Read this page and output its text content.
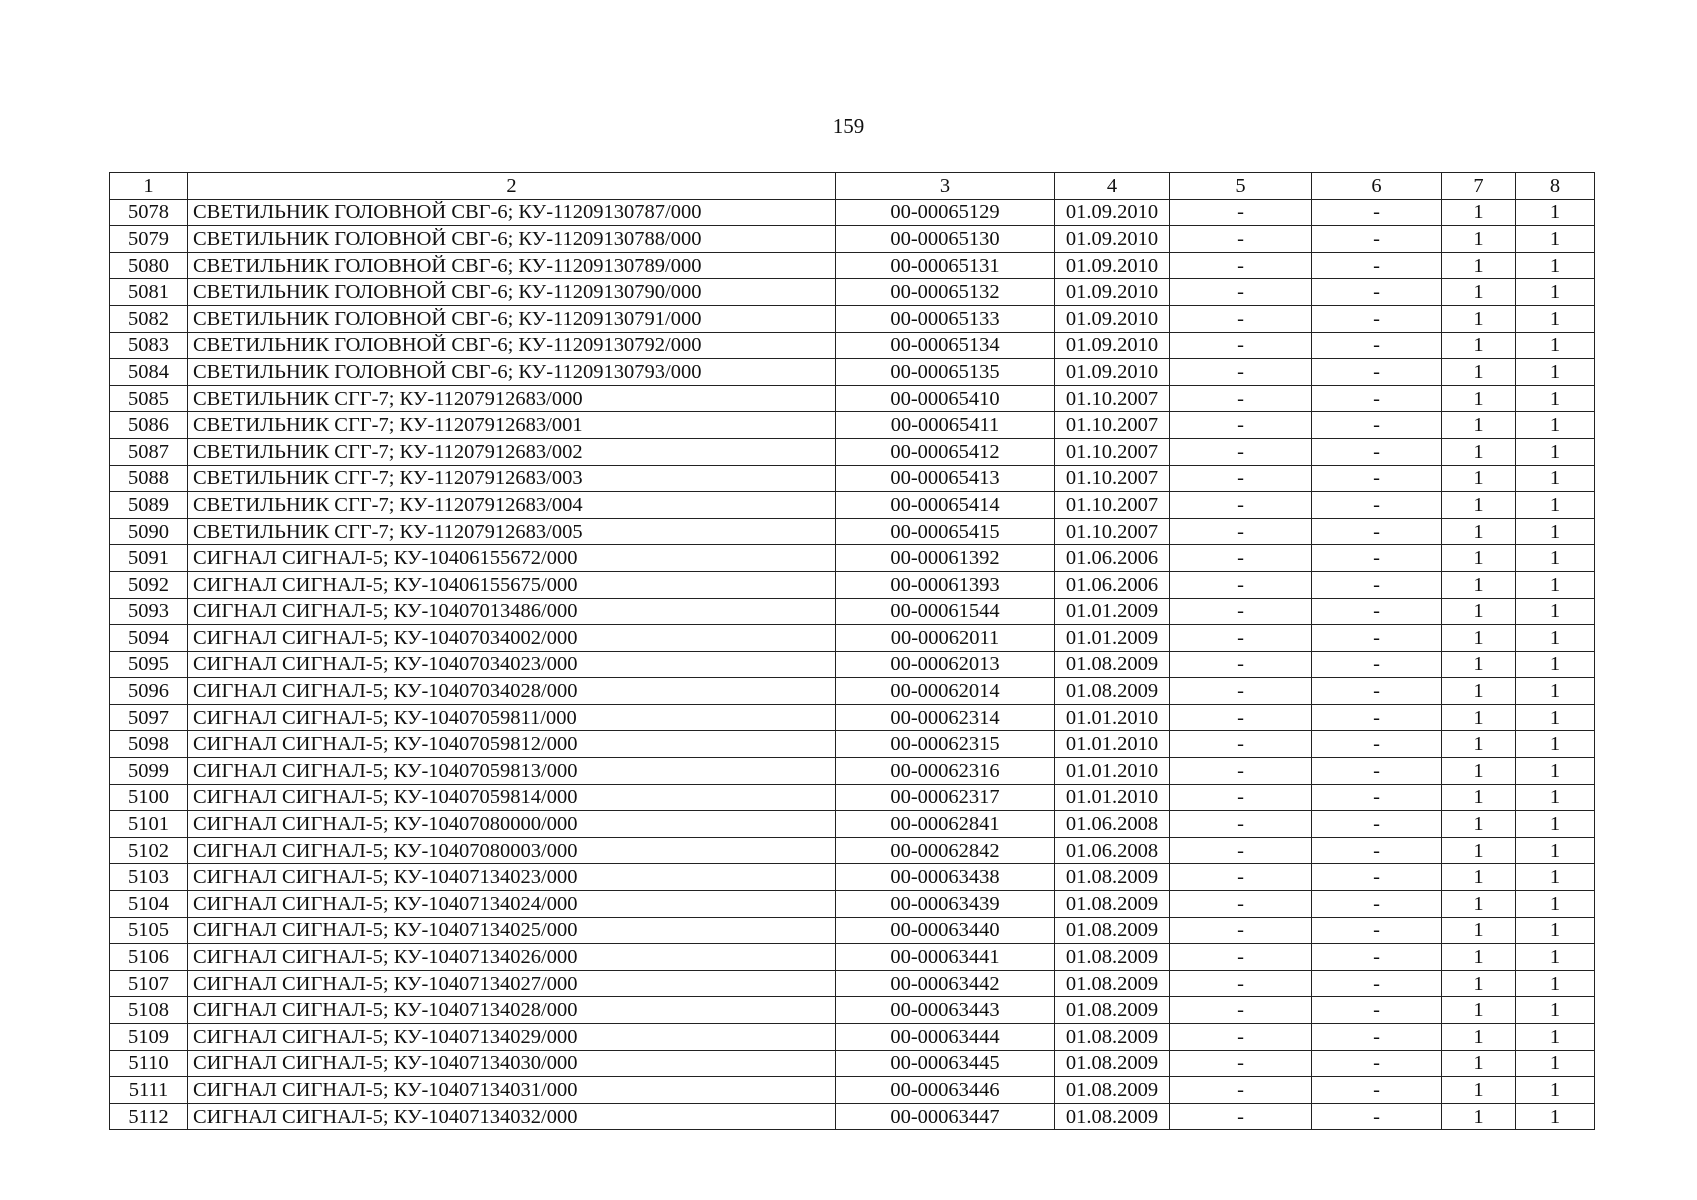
159
1	2	3	4	5	6	7	8
5078	СВЕТИЛЬНИК ГОЛОВНОЙ СВГ-6; КУ-11209130787/000	00-00065129	01.09.2010	-	-	1	1
5079	СВЕТИЛЬНИК ГОЛОВНОЙ СВГ-6; КУ-11209130788/000	00-00065130	01.09.2010	-	-	1	1
5080	СВЕТИЛЬНИК ГОЛОВНОЙ СВГ-6; КУ-11209130789/000	00-00065131	01.09.2010	-	-	1	1
5081	СВЕТИЛЬНИК ГОЛОВНОЙ СВГ-6; КУ-11209130790/000	00-00065132	01.09.2010	-	-	1	1
5082	СВЕТИЛЬНИК ГОЛОВНОЙ СВГ-6; КУ-11209130791/000	00-00065133	01.09.2010	-	-	1	1
5083	СВЕТИЛЬНИК ГОЛОВНОЙ СВГ-6; КУ-11209130792/000	00-00065134	01.09.2010	-	-	1	1
5084	СВЕТИЛЬНИК ГОЛОВНОЙ СВГ-6; КУ-11209130793/000	00-00065135	01.09.2010	-	-	1	1
5085	СВЕТИЛЬНИК СГГ-7; КУ-11207912683/000	00-00065410	01.10.2007	-	-	1	1
5086	СВЕТИЛЬНИК СГГ-7; КУ-11207912683/001	00-00065411	01.10.2007	-	-	1	1
5087	СВЕТИЛЬНИК СГГ-7; КУ-11207912683/002	00-00065412	01.10.2007	-	-	1	1
5088	СВЕТИЛЬНИК СГГ-7; КУ-11207912683/003	00-00065413	01.10.2007	-	-	1	1
5089	СВЕТИЛЬНИК СГГ-7; КУ-11207912683/004	00-00065414	01.10.2007	-	-	1	1
5090	СВЕТИЛЬНИК СГГ-7; КУ-11207912683/005	00-00065415	01.10.2007	-	-	1	1
5091	СИГНАЛ СИГНАЛ-5; КУ-10406155672/000	00-00061392	01.06.2006	-	-	1	1
5092	СИГНАЛ СИГНАЛ-5; КУ-10406155675/000	00-00061393	01.06.2006	-	-	1	1
5093	СИГНАЛ СИГНАЛ-5; КУ-10407013486/000	00-00061544	01.01.2009	-	-	1	1
5094	СИГНАЛ СИГНАЛ-5; КУ-10407034002/000	00-00062011	01.01.2009	-	-	1	1
5095	СИГНАЛ СИГНАЛ-5; КУ-10407034023/000	00-00062013	01.08.2009	-	-	1	1
5096	СИГНАЛ СИГНАЛ-5; КУ-10407034028/000	00-00062014	01.08.2009	-	-	1	1
5097	СИГНАЛ СИГНАЛ-5; КУ-10407059811/000	00-00062314	01.01.2010	-	-	1	1
5098	СИГНАЛ СИГНАЛ-5; КУ-10407059812/000	00-00062315	01.01.2010	-	-	1	1
5099	СИГНАЛ СИГНАЛ-5; КУ-10407059813/000	00-00062316	01.01.2010	-	-	1	1
5100	СИГНАЛ СИГНАЛ-5; КУ-10407059814/000	00-00062317	01.01.2010	-	-	1	1
5101	СИГНАЛ СИГНАЛ-5; КУ-10407080000/000	00-00062841	01.06.2008	-	-	1	1
5102	СИГНАЛ СИГНАЛ-5; КУ-10407080003/000	00-00062842	01.06.2008	-	-	1	1
5103	СИГНАЛ СИГНАЛ-5; КУ-10407134023/000	00-00063438	01.08.2009	-	-	1	1
5104	СИГНАЛ СИГНАЛ-5; КУ-10407134024/000	00-00063439	01.08.2009	-	-	1	1
5105	СИГНАЛ СИГНАЛ-5; КУ-10407134025/000	00-00063440	01.08.2009	-	-	1	1
5106	СИГНАЛ СИГНАЛ-5; КУ-10407134026/000	00-00063441	01.08.2009	-	-	1	1
5107	СИГНАЛ СИГНАЛ-5; КУ-10407134027/000	00-00063442	01.08.2009	-	-	1	1
5108	СИГНАЛ СИГНАЛ-5; КУ-10407134028/000	00-00063443	01.08.2009	-	-	1	1
5109	СИГНАЛ СИГНАЛ-5; КУ-10407134029/000	00-00063444	01.08.2009	-	-	1	1
5110	СИГНАЛ СИГНАЛ-5; КУ-10407134030/000	00-00063445	01.08.2009	-	-	1	1
5111	СИГНАЛ СИГНАЛ-5; КУ-10407134031/000	00-00063446	01.08.2009	-	-	1	1
5112	СИГНАЛ СИГНАЛ-5; КУ-10407134032/000	00-00063447	01.08.2009	-	-	1	1
